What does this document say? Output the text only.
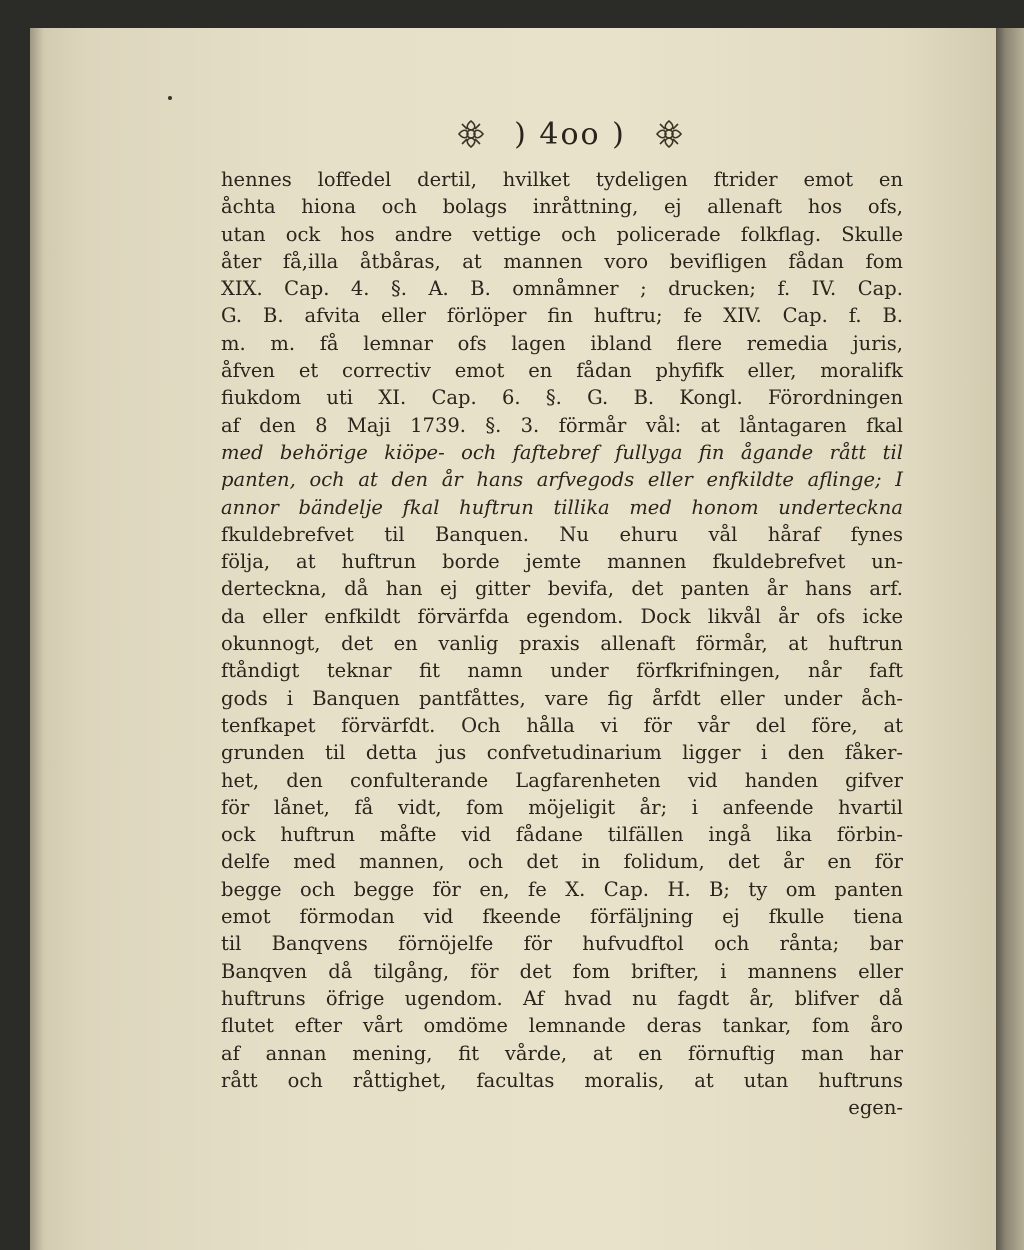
) 4oo )
hennes loffedel dertil, hvilket tydeligen ftrider emot en
åchta hiona och bolags inråttning, ej allenaft hos ofs,
utan ock hos andre vettige och policerade folkflag. Skulle
åter få,illa åtbåras, at mannen voro bevifligen fådan fom
XIX. Cap. 4. §. A. B. omnåmner ; drucken; f. IV. Cap.
G. B. afvita eller förlöper fin huftru; fe XIV. Cap. f. B.
m. m. få lemnar ofs lagen ibland flere remedia juris,
åfven et correctiv emot en fådan phyfifk eller, moralifk
fiukdom uti XI. Cap. 6. §. G. B. Kongl. Förordningen
af den 8 Maji 1739. §. 3. förmår vål: at låntagaren fkal
med behörige kiöpe- och faftebref fullyga fin ågande rått til
panten, och at den år hans arfvegods eller enfkildte aflinge; I
annor bändelje fkal huftrun tillika med honom underteckna
fkuldebrefvet til Banquen. Nu ehuru vål håraf fynes
följa, at huftrun borde jemte mannen fkuldebrefvet un-
derteckna, då han ej gitter bevifa, det panten år hans arf.
da eller enfkildt förvärfda egendom. Dock likvål år ofs icke
okunnogt, det en vanlig praxis allenaft förmår, at huftrun
ftåndigt teknar fit namn under förfkrifningen, når faft
gods i Banquen pantfåttes, vare fig årfdt eller under åch-
tenfkapet förvärfdt. Och hålla vi för vår del före, at
grunden til detta jus confvetudinarium ligger i den fåker-
het, den confulterande Lagfarenheten vid handen gifver
för lånet, få vidt, fom möjeligit år; i anfeende hvartil
ock huftrun måfte vid fådane tilfällen ingå lika förbin-
delfe med mannen, och det in folidum, det år en för
begge och begge för en, fe X. Cap. H. B; ty om panten
emot förmodan vid fkeende förfäljning ej fkulle tiena
til Banqvens förnöjelfe för hufvudftol och rånta; bar
Banqven då tilgång, för det fom brifter, i mannens eller
huftruns öfrige ugendom. Af hvad nu fagdt år, blifver då
flutet efter vårt omdöme lemnande deras tankar, fom åro
af annan mening, fit vårde, at en förnuftig man har
rått och råttighet, facultas moralis, at utan huftruns
egen-
